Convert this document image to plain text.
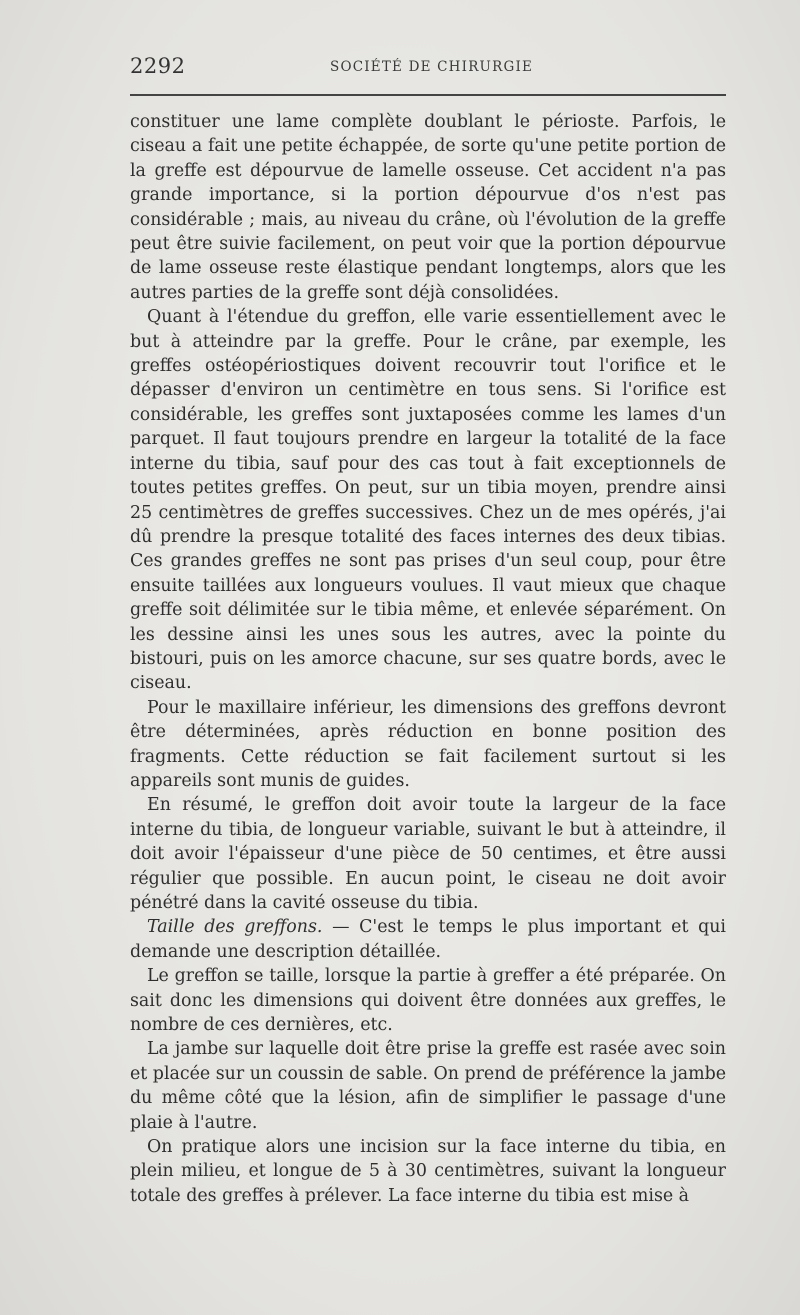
2292	SOCIÉTÉ DE CHIRURGIE

constituer une lame complète doublant le périoste. Parfois, le ciseau a fait une petite échappée, de sorte qu'une petite portion de la greffe est dépourvue de lamelle osseuse. Cet accident n'a pas grande importance, si la portion dépourvue d'os n'est pas considérable ; mais, au niveau du crâne, où l'évolution de la greffe peut être suivie facilement, on peut voir que la portion dépourvue de lame osseuse reste élastique pendant longtemps, alors que les autres parties de la greffe sont déjà consolidées.

Quant à l'étendue du greffon, elle varie essentiellement avec le but à atteindre par la greffe. Pour le crâne, par exemple, les greffes ostéopériostiques doivent recouvrir tout l'orifice et le dépasser d'environ un centimètre en tous sens. Si l'orifice est considérable, les greffes sont juxtaposées comme les lames d'un parquet. Il faut toujours prendre en largeur la totalité de la face interne du tibia, sauf pour des cas tout à fait exceptionnels de toutes petites greffes. On peut, sur un tibia moyen, prendre ainsi 25 centimètres de greffes successives. Chez un de mes opérés, j'ai dû prendre la presque totalité des faces internes des deux tibias. Ces grandes greffes ne sont pas prises d'un seul coup, pour être ensuite taillées aux longueurs voulues. Il vaut mieux que chaque greffe soit délimitée sur le tibia même, et enlevée séparément. On les dessine ainsi les unes sous les autres, avec la pointe du bistouri, puis on les amorce chacune, sur ses quatre bords, avec le ciseau.

Pour le maxillaire inférieur, les dimensions des greffons devront être déterminées, après réduction en bonne position des fragments. Cette réduction se fait facilement surtout si les appareils sont munis de guides.

En résumé, le greffon doit avoir toute la largeur de la face interne du tibia, de longueur variable, suivant le but à atteindre, il doit avoir l'épaisseur d'une pièce de 50 centimes, et être aussi régulier que possible. En aucun point, le ciseau ne doit avoir pénétré dans la cavité osseuse du tibia.

Taille des greffons. — C'est le temps le plus important et qui demande une description détaillée.

Le greffon se taille, lorsque la partie à greffer a été préparée. On sait donc les dimensions qui doivent être données aux greffes, le nombre de ces dernières, etc.

La jambe sur laquelle doit être prise la greffe est rasée avec soin et placée sur un coussin de sable. On prend de préférence la jambe du même côté que la lésion, afin de simplifier le passage d'une plaie à l'autre.

On pratique alors une incision sur la face interne du tibia, en plein milieu, et longue de 5 à 30 centimètres, suivant la longueur totale des greffes à prélever. La face interne du tibia est mise à
